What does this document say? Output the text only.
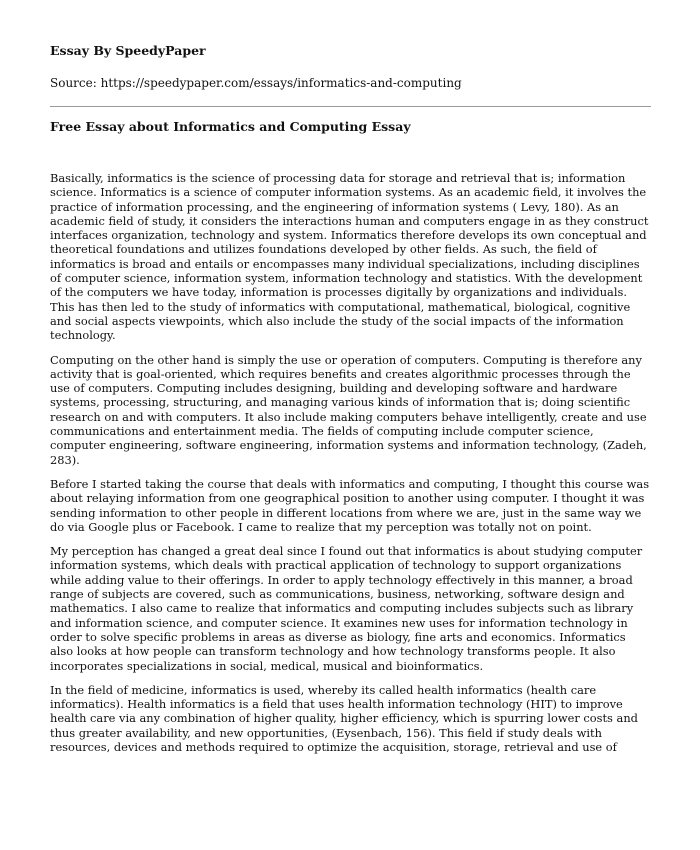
Essay By SpeedyPaper
Source: https://speedypaper.com/essays/informatics-and-computing
Free Essay about Informatics and Computing Essay

Basically, informatics is the science of processing data for storage and retrieval that is; information science. Informatics is a science of computer information systems. As an academic field, it involves the practice of information processing, and the engineering of information systems ( Levy, 180). As an academic field of study, it considers the interactions human and computers engage in as they construct interfaces organization, technology and system. Informatics therefore develops its own conceptual and theoretical foundations and utilizes foundations developed by other fields. As such, the field of informatics is broad and entails or encompasses many individual specializations, including disciplines of computer science, information system, information technology and statistics. With the development of the computers we have today, information is processes digitally by organizations and individuals. This has then led to the study of informatics with computational, mathematical, biological, cognitive and social aspects viewpoints, which also include the study of the social impacts of the information technology.

Computing on the other hand is simply the use or operation of computers. Computing is therefore any activity that is goal-oriented, which requires benefits and creates algorithmic processes through the use of computers. Computing includes designing, building and developing software and hardware systems, processing, structuring, and managing various kinds of information that is; doing scientific research on and with computers. It also include making computers behave intelligently, create and use communications and entertainment media. The fields of computing include computer science, computer engineering, software engineering, information systems and information technology, (Zadeh, 283).

Before I started taking the course that deals with informatics and computing, I thought this course was about relaying information from one geographical position to another using computer. I thought it was sending information to other people in different locations from where we are, just in the same way we do via Google plus or Facebook. I came to realize that my perception was totally not on point.

My perception has changed a great deal since I found out that informatics is about studying computer information systems, which deals with practical application of technology to support organizations while adding value to their offerings. In order to apply technology effectively in this manner, a broad range of subjects are covered, such as communications, business, networking, software design and mathematics. I also came to realize that informatics and computing includes subjects such as library and information science, and computer science. It examines new uses for information technology in order to solve specific problems in areas as diverse as biology, fine arts and economics. Informatics also looks at how people can transform technology and how technology transforms people. It also incorporates specializations in social, medical, musical and bioinformatics.

In the field of medicine, informatics is used, whereby its called health informatics (health care informatics). Health informatics is a field that uses health information technology (HIT) to improve health care via any combination of higher quality, higher efficiency, which is spurring lower costs and thus greater availability, and new opportunities, (Eysenbach, 156). This field if study deals with resources, devices and methods required to optimize the acquisition, storage, retrieval and use of
